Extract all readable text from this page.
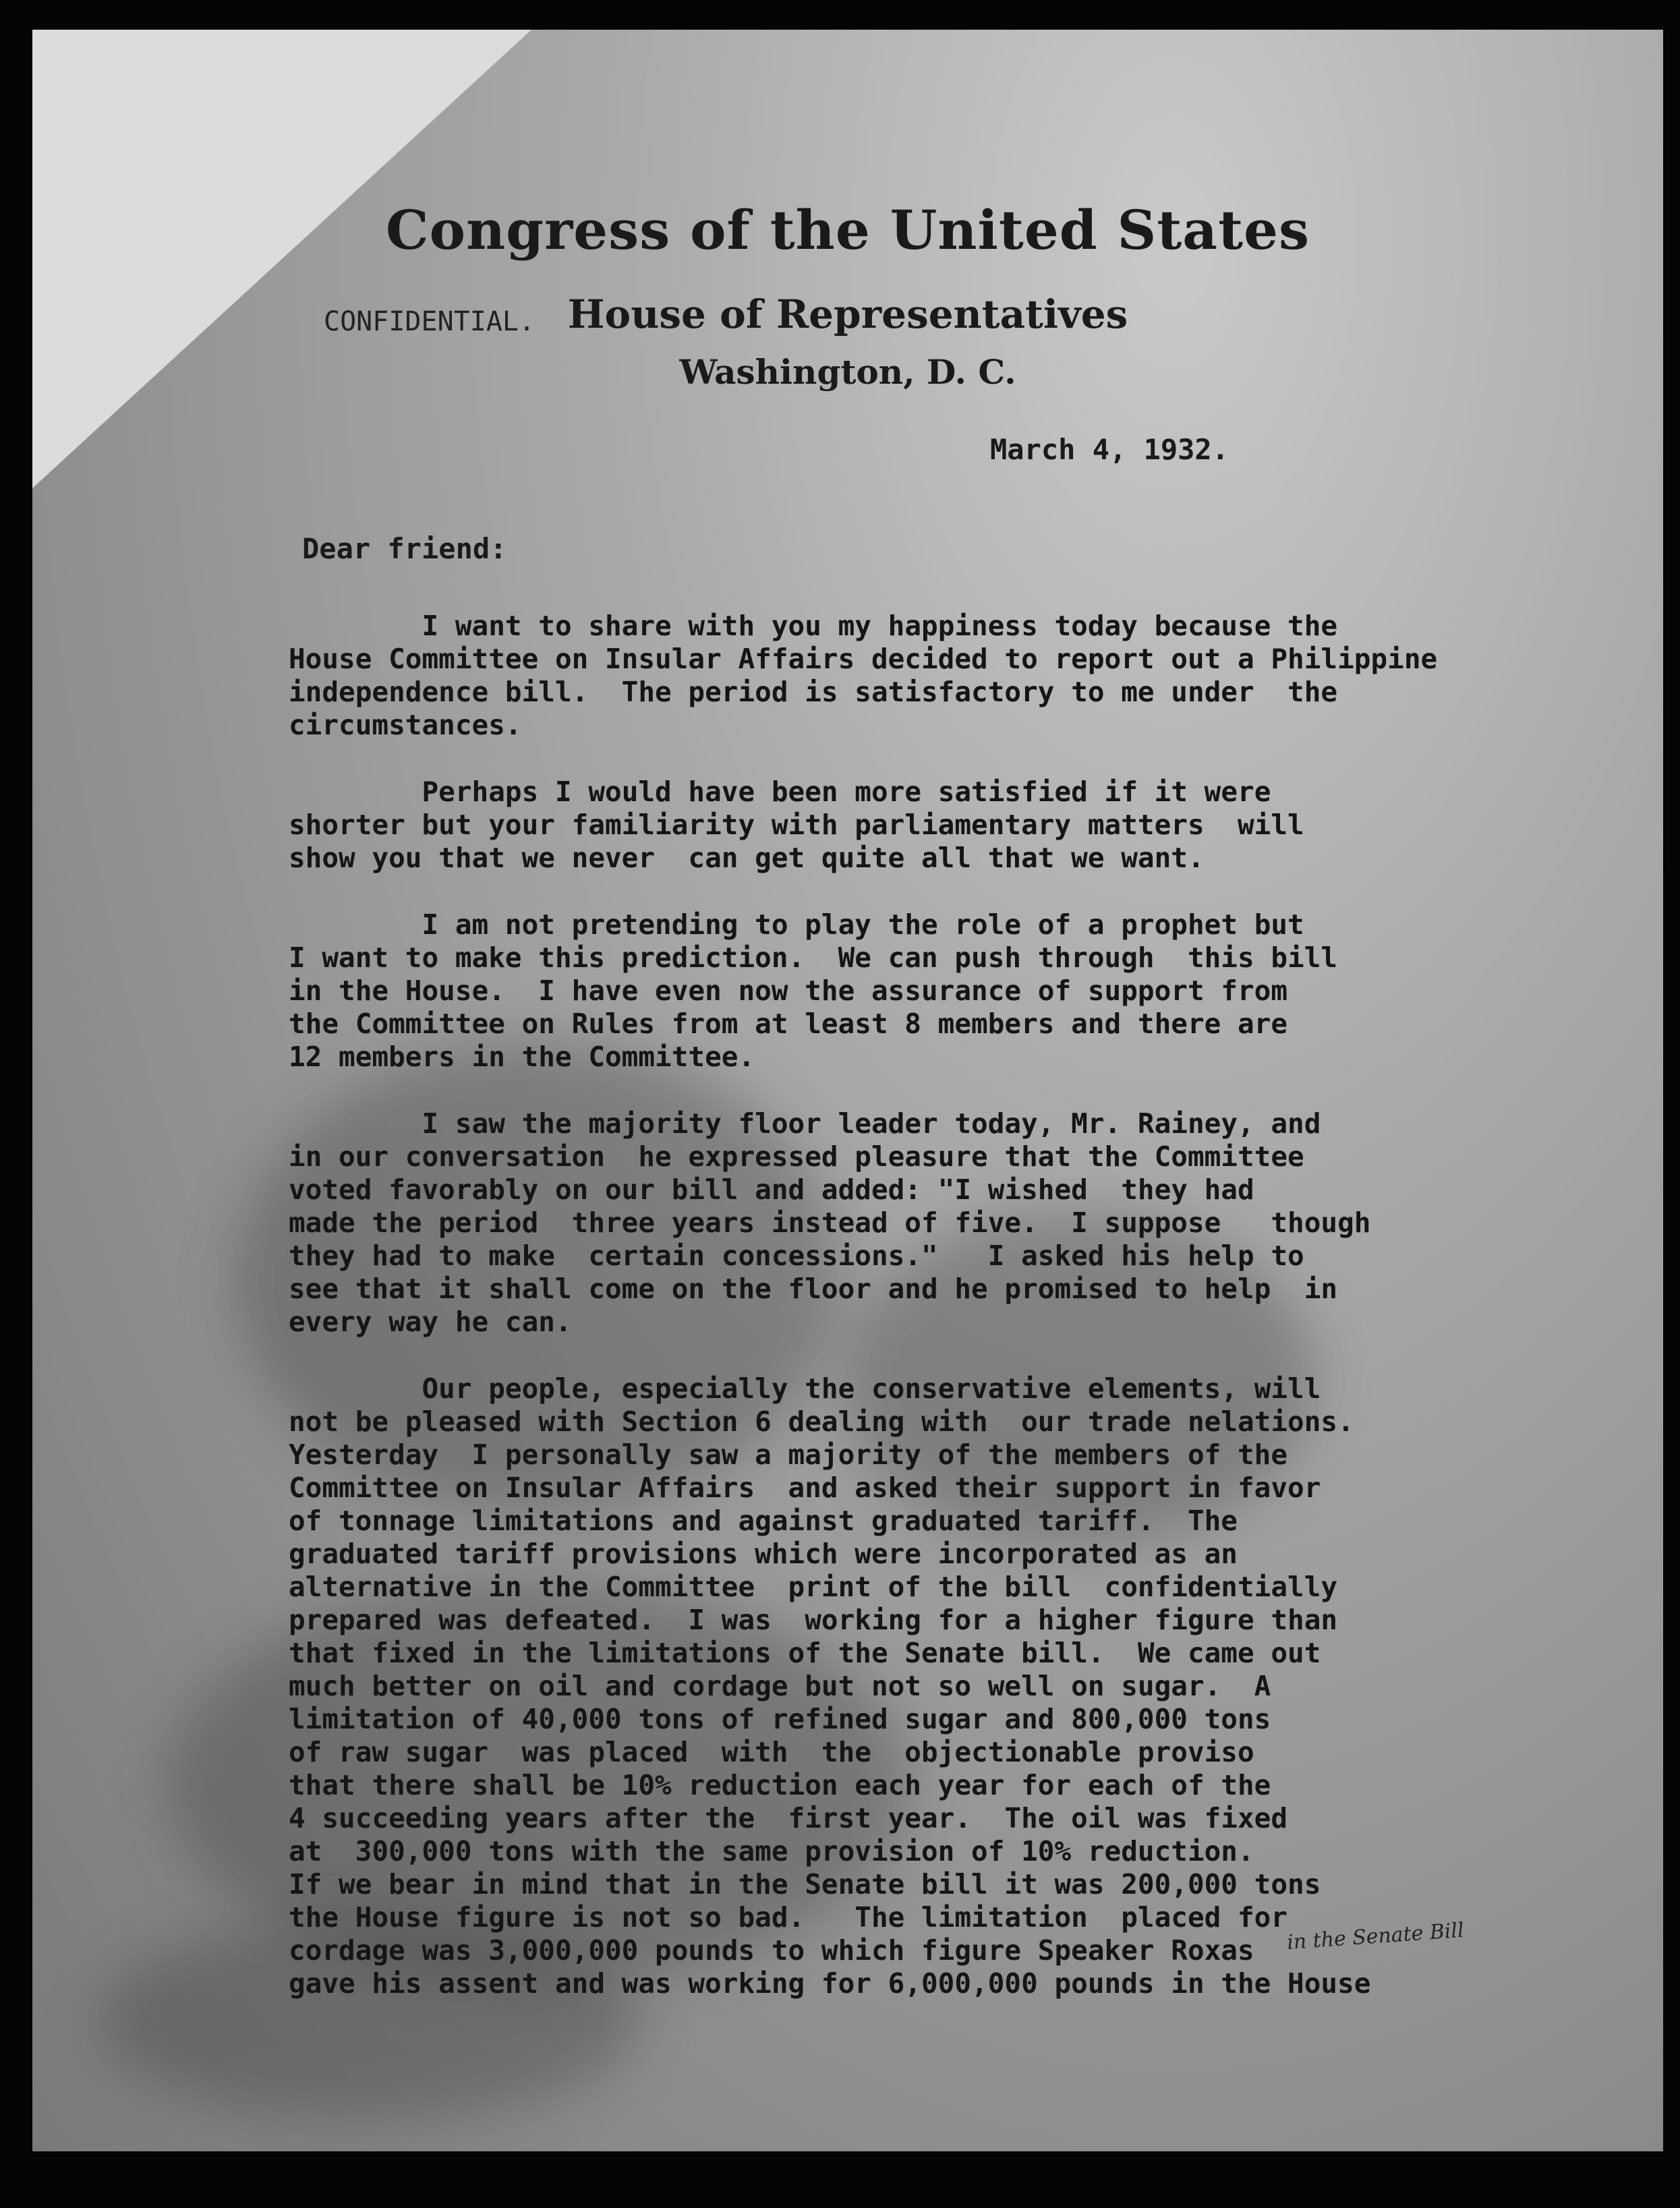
Congress of the United States

House of Representatives

Washington, D. C.

CONFIDENTIAL.

March 4, 1932.

Dear friend:

I want to share with you my happiness today because the
House Committee on Insular Affairs decided to report out a Philippine
independence bill.  The period is satisfactory to me under  the
circumstances.

Perhaps I would have been more satisfied if it were
shorter but your familiarity with parliamentary matters  will
show you that we never  can get quite all that we want.

I am not pretending to play the role of a prophet but
I want to make this prediction.  We can push through  this bill
in the House.  I have even now the assurance of support from
the Committee on Rules from at least 8 members and there are
12 members in the Committee.

I saw the majority floor leader today, Mr. Rainey, and
in our conversation  he expressed pleasure that the Committee
voted favorably on our bill and added: "I wished  they had
made the period  three years instead of five.  I suppose   though
they had to make  certain concessions."   I asked his help to
see that it shall come on the floor and he promised to help  in
every way he can.

Our people, especially the conservative elements, will
not be pleased with Section 6 dealing with  our trade nelations.
Yesterday  I personally saw a majority of the members of the
Committee on Insular Affairs  and asked their support in favor
of tonnage limitations and against graduated tariff.  The
graduated tariff provisions which were incorporated as an
alternative in the Committee  print of the bill  confidentially
prepared was defeated.  I was  working for a higher figure than
that fixed in the limitations of the Senate bill.  We came out
much better on oil and cordage but not so well on sugar.  A
limitation of 40,000 tons of refined sugar and 800,000 tons
of raw sugar  was placed  with  the  objectionable proviso
that there shall be 10% reduction each year for each of the
4 succeeding years after the  first year.  The oil was fixed
at  300,000 tons with the same provision of 10% reduction.
If we bear in mind that in the Senate bill it was 200,000 tons
the House figure is not so bad.   The limitation  placed for
cordage was 3,000,000 pounds to which figure Speaker Roxas
gave his assent and was working for 6,000,000 pounds in the House

in the Senate Bill
